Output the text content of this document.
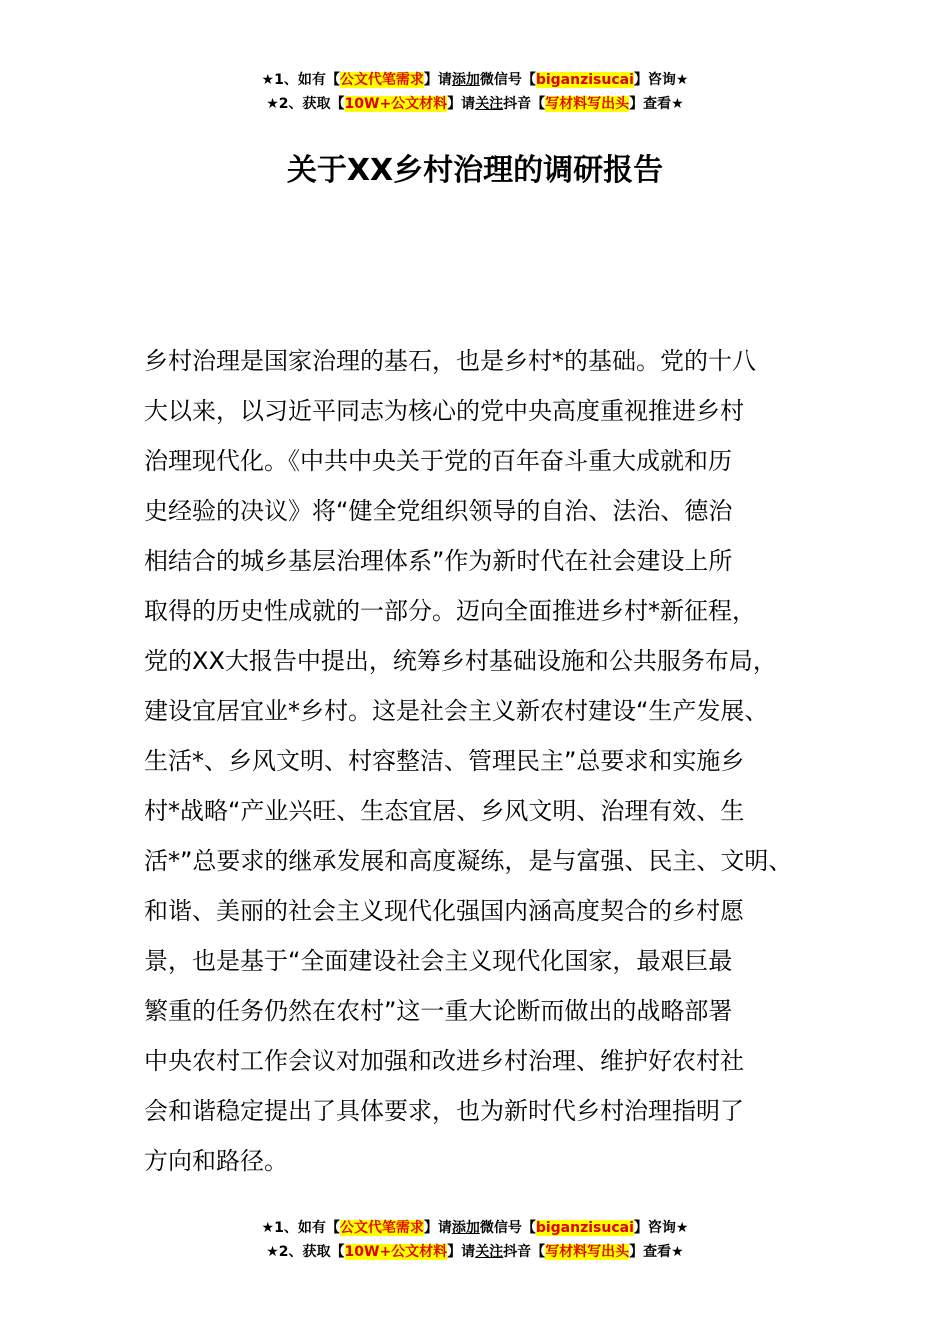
★1、如有【公文代笔需求】请添加微信号【biganzisucai】咨询★
★2、获取【10W+公文材料】请关注抖音【写材料写出头】查看★
关于XX乡村治理的调研报告
乡村治理是国家治理的基石，也是乡村*的基础。党的十八
大以来，以习近平同志为核心的党中央高度重视推进乡村
治理现代化。《中共中央关于党的百年奋斗重大成就和历
史经验的决议》将“健全党组织领导的自治、法治、德治
相结合的城乡基层治理体系”作为新时代在社会建设上所
取得的历史性成就的一部分。迈向全面推进乡村*新征程，
党的XX大报告中提出，统筹乡村基础设施和公共服务布局，
建设宜居宜业*乡村。这是社会主义新农村建设“生产发展、
生活*、乡风文明、村容整洁、管理民主”总要求和实施乡
村*战略“产业兴旺、生态宜居、乡风文明、治理有效、生
活*”总要求的继承发展和高度凝练，是与富强、民主、文明、
和谐、美丽的社会主义现代化强国内涵高度契合的乡村愿
景，也是基于“全面建设社会主义现代化国家，最艰巨最
繁重的任务仍然在农村”这一重大论断而做出的战略部署
中央农村工作会议对加强和改进乡村治理、维护好农村社
会和谐稳定提出了具体要求，也为新时代乡村治理指明了
方向和路径。
★1、如有【公文代笔需求】请添加微信号【biganzisucai】咨询★
★2、获取【10W+公文材料】请关注抖音【写材料写出头】查看★
